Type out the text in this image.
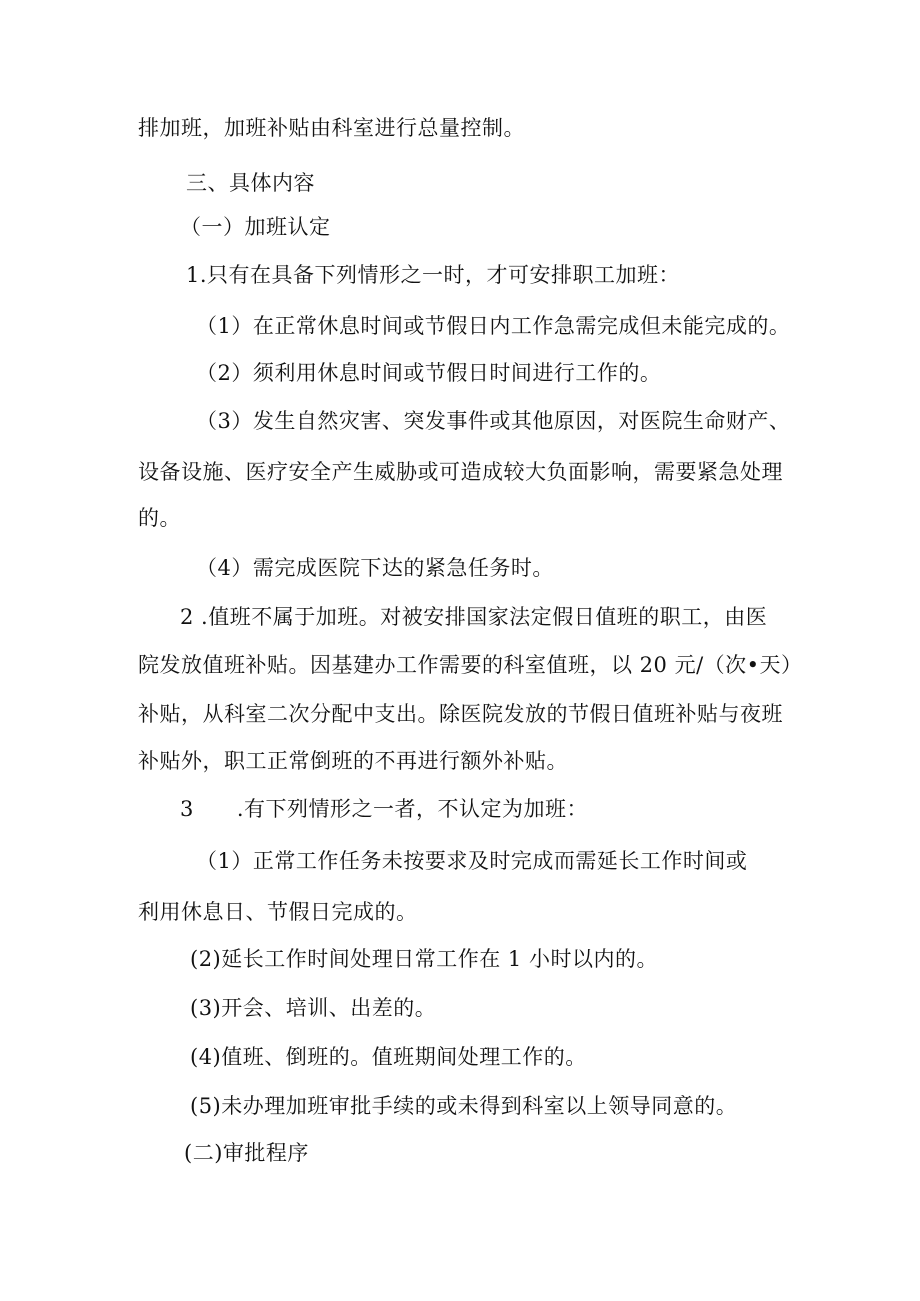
排加班，加班补贴由科室进行总量控制。
三、具体内容
（一）加班认定
1.只有在具备下列情形之一时，才可安排职工加班：
（1）在正常休息时间或节假日内工作急需完成但未能完成的。
（2）须利用休息时间或节假日时间进行工作的。
（3）发生自然灾害、突发事件或其他原因，对医院生命财产、
设备设施、医疗安全产生威胁或可造成较大负面影响，需要紧急处理
的。
（4）需完成医院下达的紧急任务时。
2 .值班不属于加班。对被安排国家法定假日值班的职工，由医
院发放值班补贴。因基建办工作需要的科室值班，以 20 元/（次•天）
补贴，从科室二次分配中支出。除医院发放的节假日值班补贴与夜班
补贴外，职工正常倒班的不再进行额外补贴。
3　　.有下列情形之一者，不认定为加班：
（1）正常工作任务未按要求及时完成而需延长工作时间或
利用休息日、节假日完成的。
(2)延长工作时间处理日常工作在 1 小时以内的。
(3)开会、培训、出差的。
(4)值班、倒班的。值班期间处理工作的。
(5)未办理加班审批手续的或未得到科室以上领导同意的。
(二)审批程序
